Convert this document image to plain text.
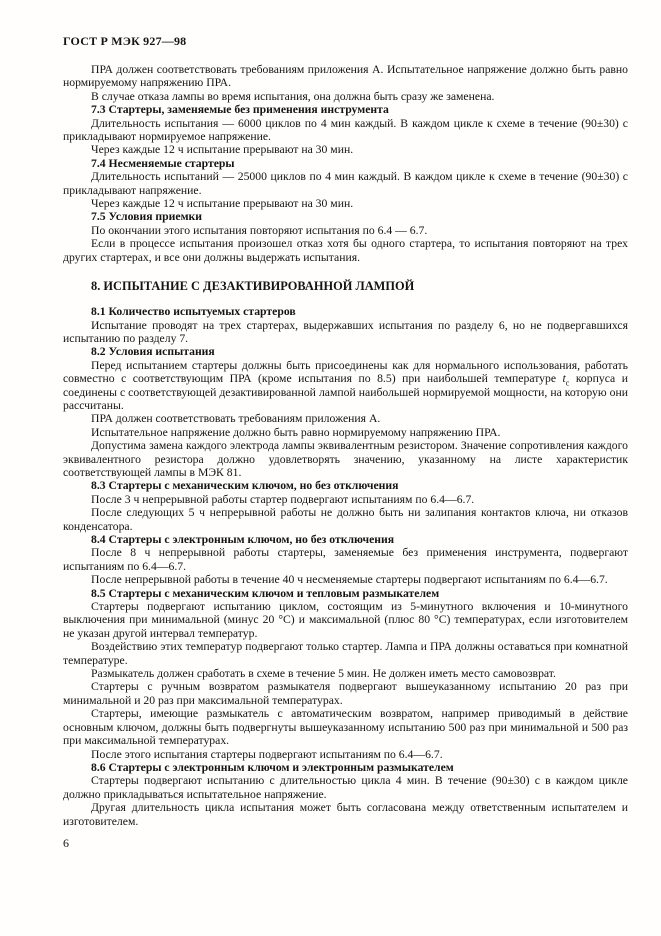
ГОСТ Р МЭК 927—98

ПРА должен соответствовать требованиям приложения А. Испытательное напряжение должно быть равно нормируемому напряжению ПРА.

В случае отказа лампы во время испытания, она должна быть сразу же заменена.

7.3 Стартеры, заменяемые без применения инструмента

Длительность испытания — 6000 циклов по 4 мин каждый. В каждом цикле к схеме в течение (90±30) с прикладывают нормируемое напряжение.

Через каждые 12 ч испытание прерывают на 30 мин.

7.4 Несменяемые стартеры

Длительность испытаний — 25000 циклов по 4 мин каждый. В каждом цикле к схеме в течение (90±30) с прикладывают напряжение.

Через каждые 12 ч испытание прерывают на 30 мин.

7.5 Условия приемки

По окончании этого испытания повторяют испытания по 6.4 — 6.7.

Если в процессе испытания произошел отказ хотя бы одного стартера, то испытания повторяют на трех других стартерах, и все они должны выдержать испытания.

8. ИСПЫТАНИЕ С ДЕЗАКТИВИРОВАННОЙ ЛАМПОЙ

8.1 Количество испытуемых стартеров

Испытание проводят на трех стартерах, выдержавших испытания по разделу 6, но не подвергавшихся испытанию по разделу 7.

8.2 Условия испытания

Перед испытанием стартеры должны быть присоединены как для нормального использования, работать совместно с соответствующим ПРА (кроме испытания по 8.5) при наибольшей температуре $t_с$ корпуса и соединены с соответствующей дезактивированной лампой наибольшей нормируемой мощности, на которую они рассчитаны.

ПРА должен соответствовать требованиям приложения А.

Испытательное напряжение должно быть равно нормируемому напряжению ПРА.

Допустима замена каждого электрода лампы эквивалентным резистором. Значение сопротивления каждого эквивалентного резистора должно удовлетворять значению, указанному на листе характеристик соответствующей лампы в МЭК 81.

8.3 Стартеры с механическим ключом, но без отключения

После 3 ч непрерывной работы стартер подвергают испытаниям по 6.4—6.7.

После следующих 5 ч непрерывной работы не должно быть ни залипания контактов ключа, ни отказов конденсатора.

8.4 Стартеры с электронным ключом, но без отключения

После 8 ч непрерывной работы стартеры, заменяемые без применения инструмента, подвергают испытаниям по 6.4—6.7.

После непрерывной работы в течение 40 ч несменяемые стартеры подвергают испытаниям по 6.4—6.7.

8.5 Стартеры с механическим ключом и тепловым размыкателем

Стартеры подвергают испытанию циклом, состоящим из 5-минутного включения и 10-минутного выключения при минимальной (минус 20 °С) и максимальной (плюс 80 °С) температурах, если изготовителем не указан другой интервал температур.

Воздействию этих температур подвергают только стартер. Лампа и ПРА должны оставаться при комнатной температуре.

Размыкатель должен сработать в схеме в течение 5 мин. Не должен иметь место самовозврат.

Стартеры с ручным возвратом размыкателя подвергают вышеуказанному испытанию 20 раз при минимальной и 20 раз при максимальной температурах.

Стартеры, имеющие размыкатель с автоматическим возвратом, например приводимый в действие основным ключом, должны быть подвергнуты вышеуказанному испытанию 500 раз при минимальной и 500 раз при максимальной температурах.

После этого испытания стартеры подвергают испытаниям по 6.4—6.7.

8.6 Стартеры с электронным ключом и электронным размыкателем

Стартеры подвергают испытанию с длительностью цикла 4 мин. В течение (90±30) с в каждом цикле должно прикладываться испытательное напряжение.

Другая длительность цикла испытания может быть согласована между ответственным испытателем и изготовителем.

6
